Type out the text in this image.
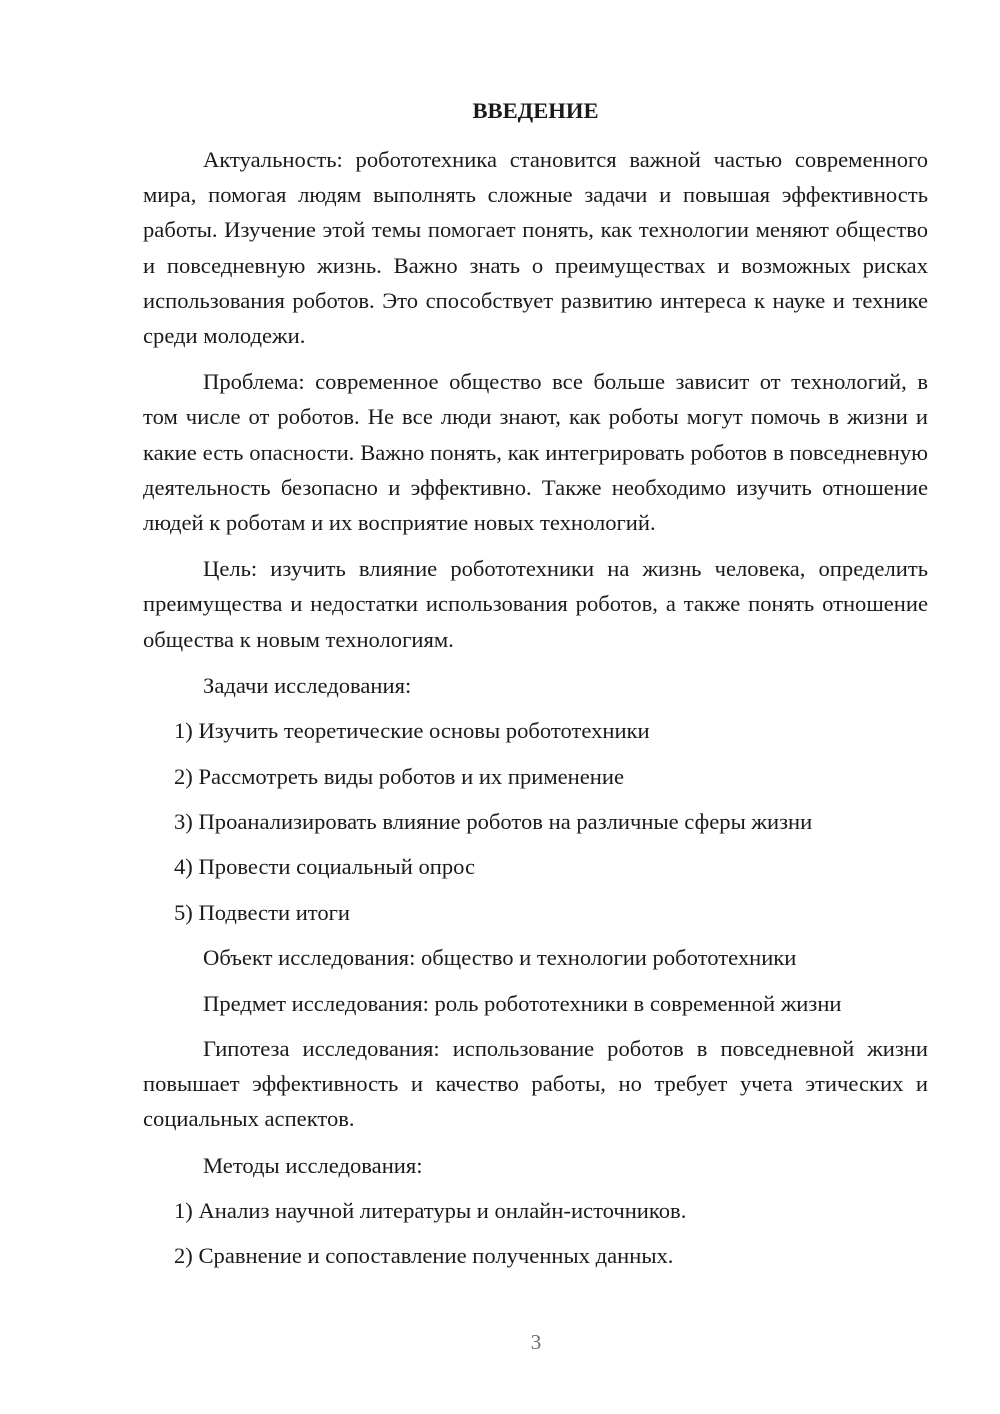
ВВЕДЕНИЕ

Актуальность: робототехника становится важной частью современного мира, помогая людям выполнять сложные задачи и повышая эффективность работы. Изучение этой темы помогает понять, как технологии меняют общество и повседневную жизнь. Важно знать о преимуществах и возможных рисках использования роботов. Это способствует развитию интереса к науке и технике среди молодежи.

Проблема: современное общество все больше зависит от технологий, в том числе от роботов. Не все люди знают, как роботы могут помочь в жизни и какие есть опасности. Важно понять, как интегрировать роботов в повседневную деятельность безопасно и эффективно. Также необходимо изучить отношение людей к роботам и их восприятие новых технологий.

Цель: изучить влияние робототехники на жизнь человека, определить преимущества и недостатки использования роботов, а также понять отношение общества к новым технологиям.

Задачи исследования:
1) Изучить теоретические основы робототехники
2) Рассмотреть виды роботов и их применение
3) Проанализировать влияние роботов на различные сферы жизни
4) Провести социальный опрос
5) Подвести итоги
Объект исследования: общество и технологии робототехники
Предмет исследования: роль робототехники в современной жизни

Гипотеза исследования: использование роботов в повседневной жизни повышает эффективность и качество работы, но требует учета этических и социальных аспектов.

Методы исследования:
1) Анализ научной литературы и онлайн-источников.
2) Сравнение и сопоставление полученных данных.
3
